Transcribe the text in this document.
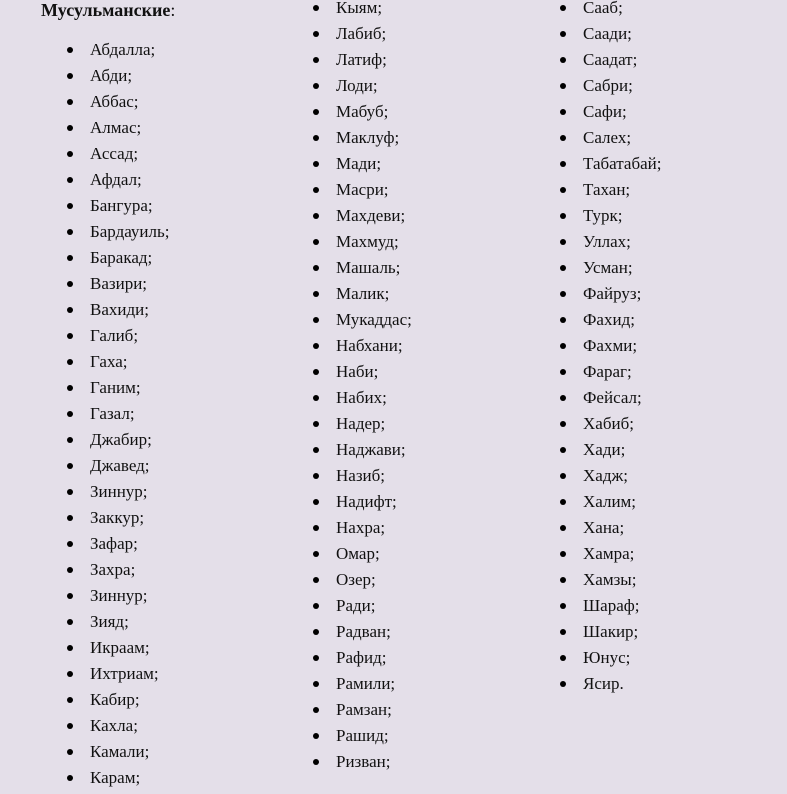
Мусульманские:
Абдалла;
Абди;
Аббас;
Алмас;
Ассад;
Афдал;
Бангура;
Бардауиль;
Баракад;
Вазири;
Вахиди;
Галиб;
Гаха;
Ганим;
Газал;
Джабир;
Джавед;
Зиннур;
Заккур;
Зафар;
Захра;
Зиннур;
Зияд;
Икраам;
Ихтриам;
Кабир;
Кахла;
Камали;
Карам;
Кыям;
Лабиб;
Латиф;
Лоди;
Мабуб;
Маклуф;
Мади;
Масри;
Махдеви;
Махмуд;
Машаль;
Малик;
Мукаддас;
Набхани;
Наби;
Набих;
Надер;
Наджави;
Назиб;
Надифт;
Нахра;
Омар;
Озер;
Ради;
Радван;
Рафид;
Рамили;
Рамзан;
Рашид;
Ризван;
Сааб;
Саади;
Саадат;
Сабри;
Сафи;
Салех;
Табатабай;
Тахан;
Турк;
Уллах;
Усман;
Файруз;
Фахид;
Фахми;
Фараг;
Фейсал;
Хабиб;
Хади;
Хадж;
Халим;
Хана;
Хамра;
Хамзы;
Шараф;
Шакир;
Юнус;
Ясир.
